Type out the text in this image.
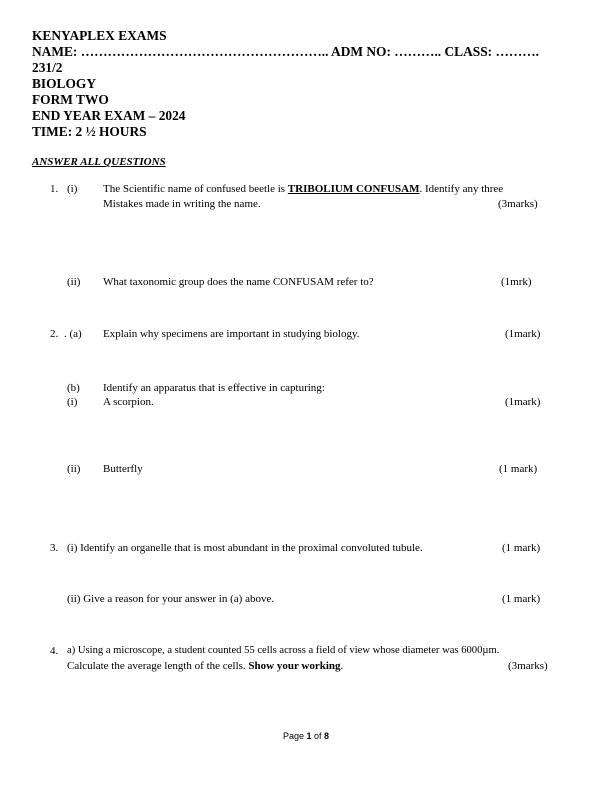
KENYAPLEX EXAMS
NAME: ……………………………………………….. ADM NO: ……….. CLASS: ……….
231/2
BIOLOGY
FORM TWO
END YEAR EXAM – 2024
TIME: 2 ½ HOURS
ANSWER ALL QUESTIONS
1. (i) The Scientific name of confused beetle is TRIBOLIUM CONFUSAM. Identify any three
Mistakes made in writing the name.	(3marks)
(ii) What taxonomic group does the name CONFUSAM refer to?	(1mrk)
2. . (a) Explain why specimens are important in studying biology.	(1mark)
(b) Identify an apparatus that is effective in capturing:
(i) A scorpion.	(1mark)
(ii) Butterfly	(1 mark)
3. (i) Identify an organelle that is most abundant in the proximal convoluted tubule.	(1 mark)
(ii) Give a reason for your answer in (a) above.	(1 mark)
4. a) Using a microscope, a student counted 55 cells across a field of view whose diameter was 6000µm.
Calculate the average length of the cells. Show your working.	(3marks)
Page 1 of 8
